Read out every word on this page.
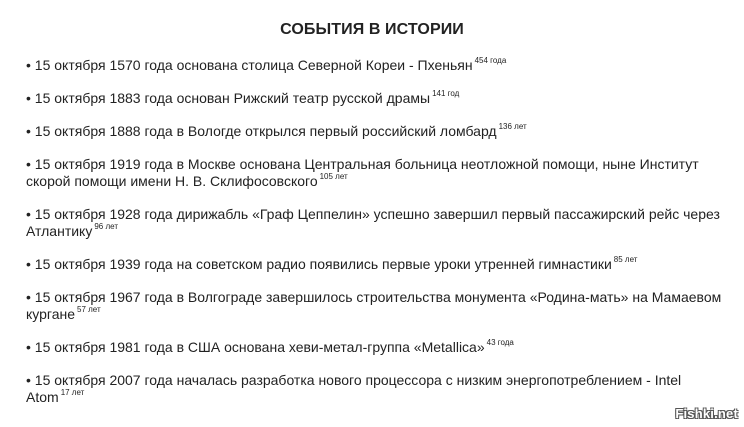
СОБЫТИЯ В ИСТОРИИ
• 15 октября 1570 года основана столица Северной Кореи - Пхеньян $^{454 года}$
• 15 октября 1883 года основан Рижский театр русской драмы $^{141 год}$
• 15 октября 1888 года в Вологде открылся первый российский ломбард $^{136 лет}$
• 15 октября 1919 года в Москве основана Центральная больница неотложной помощи, ныне Институт скорой помощи имени Н. В. Склифосовского $^{105 лет}$
• 15 октября 1928 года дирижабль «Граф Цеппелин» успешно завершил первый пассажирский рейс через Атлантику $^{96 лет}$
• 15 октября 1939 года на советском радио появились первые уроки утренней гимнастики $^{85 лет}$
• 15 октября 1967 года в Волгограде завершилось строительства монумента «Родина-мать» на Мамаевом кургане $^{57 лет}$
• 15 октября 1981 года в США основана хеви-метал-группа «Metallica» $^{43 года}$
• 15 октября 2007 года началась разработка нового процессора с низким энергопотреблением - Intel Atom $^{17 лет}$
Fishki.net
